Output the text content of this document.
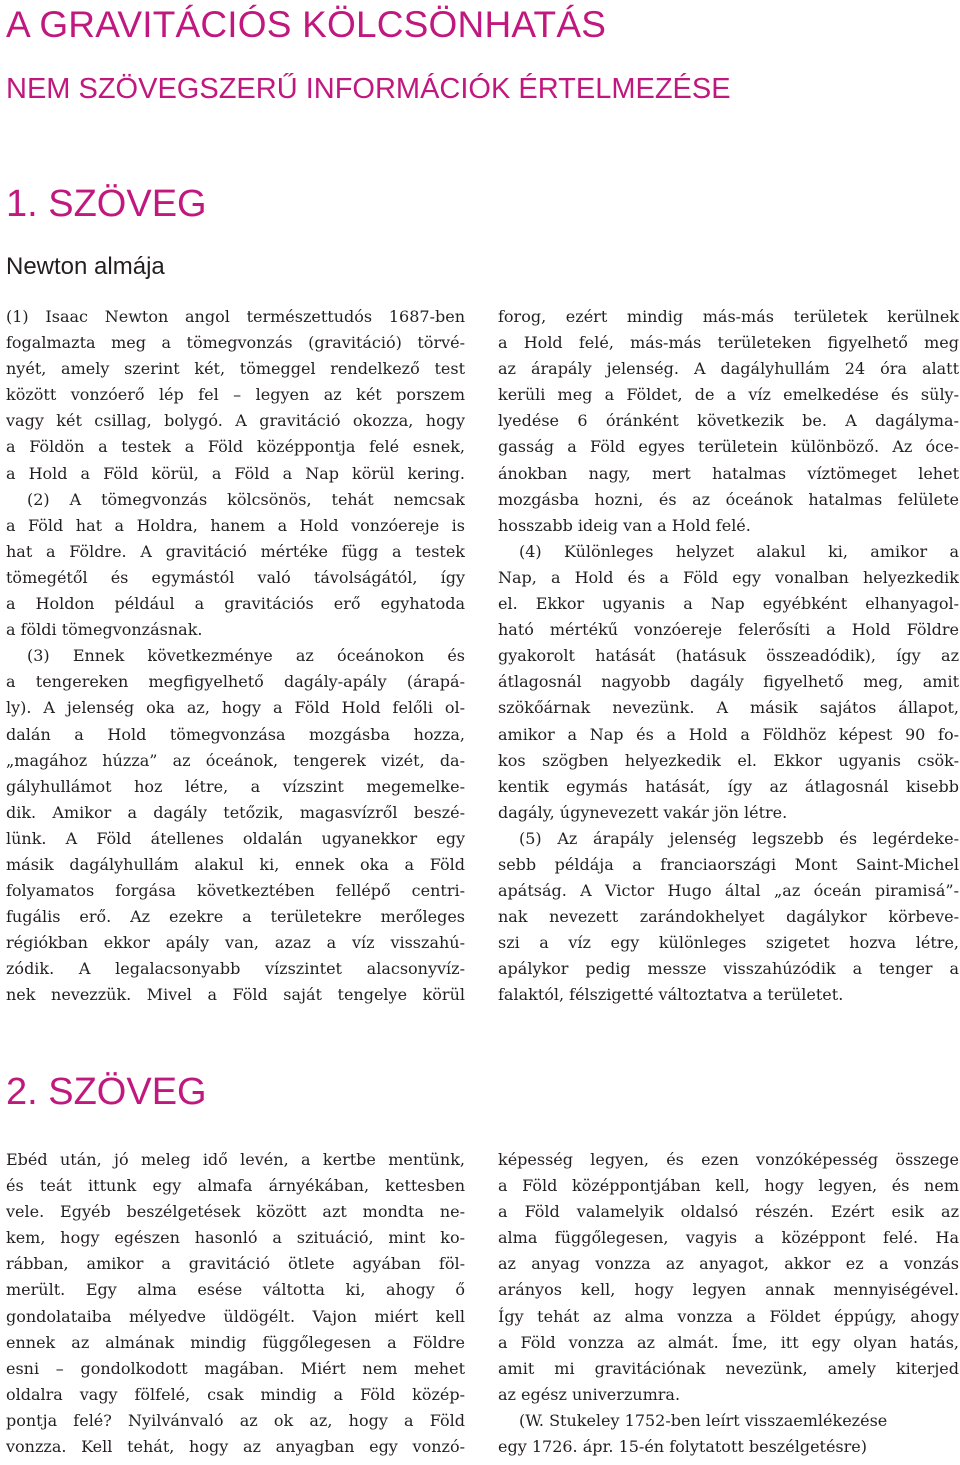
A GRAVITÁCIÓS KÖLCSÖNHATÁS
NEM SZÖVEGSZERŰ INFORMÁCIÓK ÉRTELMEZÉSE
1. SZÖVEG
Newton almája
(1) Isaac Newton angol természettudós 1687-ben
fogalmazta meg a tömegvonzás (gravitáció) törvé-
nyét, amely szerint két, tömeggel rendelkező test
között vonzóerő lép fel – legyen az két porszem
vagy két csillag, bolygó. A gravitáció okozza, hogy
a Földön a testek a Föld középpontja felé esnek,
a Hold a Föld körül, a Föld a Nap körül kering.
(2) A tömegvonzás kölcsönös, tehát nemcsak
a Föld hat a Holdra, hanem a Hold vonzóereje is
hat a Földre. A gravitáció mértéke függ a testek
tömegétől és egymástól való távolságától, így
a Holdon például a gravitációs erő egyhatoda
a földi tömegvonzásnak.
(3) Ennek következménye az óceánokon és
a tengereken megfigyelhető dagály-apály (árapá-
ly). A jelenség oka az, hogy a Föld Hold felőli ol-
dalán a Hold tömegvonzása mozgásba hozza,
„magához húzza” az óceánok, tengerek vizét, da-
gályhullámot hoz létre, a vízszint megemelke-
dik. Amikor a dagály tetőzik, magasvízről beszé-
lünk. A Föld átellenes oldalán ugyanekkor egy
másik dagályhullám alakul ki, ennek oka a Föld
folyamatos forgása következtében fellépő centri-
fugális erő. Az ezekre a területekre merőleges
régiókban ekkor apály van, azaz a víz visszahú-
zódik. A legalacsonyabb vízszintet alacsonyvíz-
nek nevezzük. Mivel a Föld saját tengelye körül
forog, ezért mindig más-más területek kerülnek
a Hold felé, más-más területeken figyelhető meg
az árapály jelenség. A dagályhullám 24 óra alatt
kerüli meg a Földet, de a víz emelkedése és süly-
lyedése 6 óránként következik be. A dagályma-
gasság a Föld egyes területein különböző. Az óce-
ánokban nagy, mert hatalmas víztömeget lehet
mozgásba hozni, és az óceánok hatalmas felülete
hosszabb ideig van a Hold felé.
(4) Különleges helyzet alakul ki, amikor a
Nap, a Hold és a Föld egy vonalban helyezkedik
el. Ekkor ugyanis a Nap egyébként elhanyagol-
ható mértékű vonzóereje felerősíti a Hold Földre
gyakorolt hatását (hatásuk összeadódik), így az
átlagosnál nagyobb dagály figyelhető meg, amit
szökőárnak nevezünk. A másik sajátos állapot,
amikor a Nap és a Hold a Földhöz képest 90 fo-
kos szögben helyezkedik el. Ekkor ugyanis csök-
kentik egymás hatását, így az átlagosnál kisebb
dagály, úgynevezett vakár jön létre.
(5) Az árapály jelenség legszebb és legérdeke-
sebb példája a franciaországi Mont Saint-Michel
apátság. A Victor Hugo által „az óceán piramisá”-
nak nevezett zarándokhelyet dagálykor körbeve-
szi a víz egy különleges szigetet hozva létre,
apálykor pedig messze visszahúzódik a tenger a
falaktól, félszigetté változtatva a területet.
2. SZÖVEG
Ebéd után, jó meleg idő levén, a kertbe mentünk,
és teát ittunk egy almafa árnyékában, kettesben
vele. Egyéb beszélgetések között azt mondta ne-
kem, hogy egészen hasonló a szituáció, mint ko-
rábban, amikor a gravitáció ötlete agyában föl-
merült. Egy alma esése váltotta ki, ahogy ő
gondolataiba mélyedve üldögélt. Vajon miért kell
ennek az almának mindig függőlegesen a Földre
esni – gondolkodott magában. Miért nem mehet
oldalra vagy fölfelé, csak mindig a Föld közép-
pontja felé? Nyilvánvaló az ok az, hogy a Föld
vonzza. Kell tehát, hogy az anyagban egy vonzó-
képesség legyen, és ezen vonzóképesség összege
a Föld középpontjában kell, hogy legyen, és nem
a Föld valamelyik oldalsó részén. Ezért esik az
alma függőlegesen, vagyis a középpont felé. Ha
az anyag vonzza az anyagot, akkor ez a vonzás
arányos kell, hogy legyen annak mennyiségével.
Így tehát az alma vonzza a Földet éppúgy, ahogy
a Föld vonzza az almát. Íme, itt egy olyan hatás,
amit mi gravitációnak nevezünk, amely kiterjed
az egész univerzumra.
(W. Stukeley 1752-ben leírt visszaemlékezése
egy 1726. ápr. 15-én folytatott beszélgetésre)
